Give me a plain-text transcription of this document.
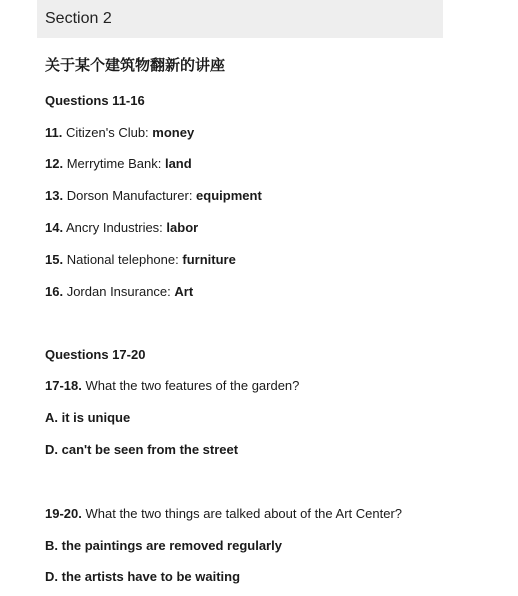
Section 2
关于某个建筑物翻新的讲座
Questions 11-16
11. Citizen's Club: money
12. Merrytime Bank: land
13. Dorson Manufacturer: equipment
14. Ancry Industries: labor
15. National telephone: furniture
16. Jordan Insurance: Art
Questions 17-20
17-18. What the two features of the garden?
A. it is unique
D. can't be seen from the street
19-20. What the two things are talked about of the Art Center?
B. the paintings are removed regularly
D. the artists have to be waiting
